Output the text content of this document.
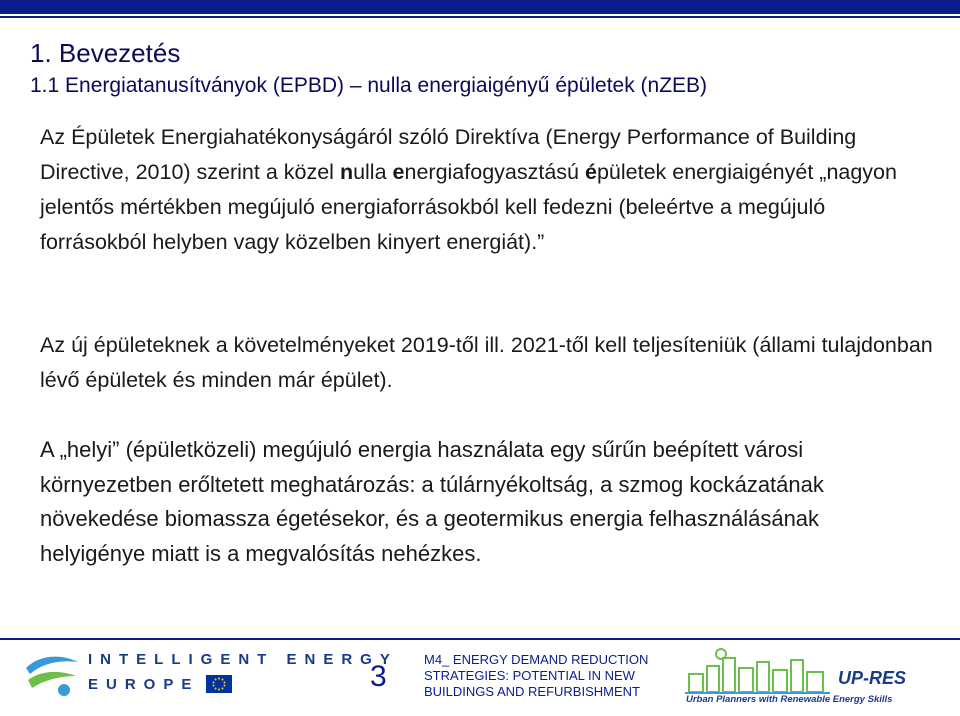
1. Bevezetés
1.1 Energiatanusítványok (EPBD) – nulla energiaigényű épületek (nZEB)
Az Épületek Energiahatékonyságáról szóló Direktíva (Energy Performance of Building Directive, 2010) szerint a közel nulla energiafogyasztású épületek energiaigényét „nagyon jelentős mértékben megújuló energiaforrásokból kell fedezni (beleértve a megújuló forrásokból helyben vagy közelben kinyert energiát).”
Az új épületeknek a követelményeket 2019-től ill. 2021-től kell teljesíteniük (állami tulajdonban lévő épületek és minden már épület).
A „helyi” (épületközeli) megújuló energia használata egy sűrűn beépített városi környezetben erőltetett meghatározás: a túlárnyékoltság, a szmog kockázatának növekedése biomassza égetésekor, és a geotermikus energia felhasználásának helyigénye miatt is a megvalósítás nehézkes.
INTELLIGENT ENERGY
EUROPE	3
M4_ ENERGY DEMAND REDUCTION
STRATEGIES: POTENTIAL IN NEW
BUILDINGS AND REFURBISHMENT
UP-RES
Urban Planners with Renewable Energy Skills
